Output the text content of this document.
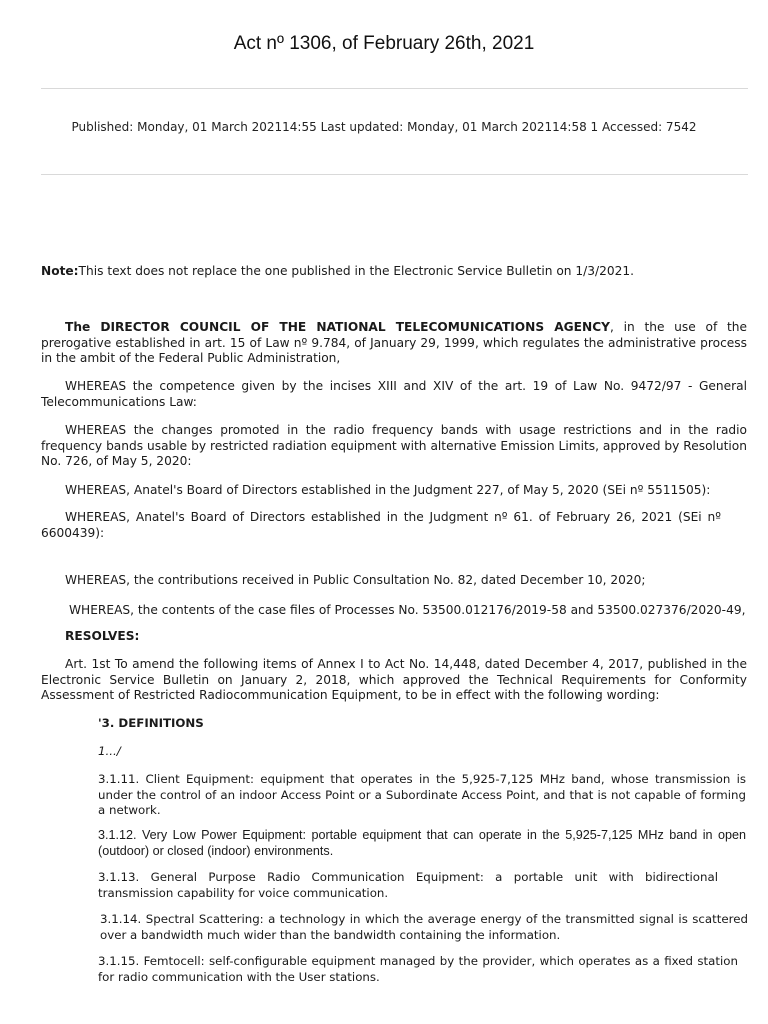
Act nº 1306, of February 26th, 2021
Published: Monday, 01 March 202114:55 Last updated: Monday, 01 March 202114:58 1 Accessed: 7542

Note:This text does not replace the one published in the Electronic Service Bulletin on 1/3/2021.

The DIRECTOR COUNCIL OF THE NATIONAL TELECOMUNICATIONS AGENCY, in the use of the prerogative established in art. 15 of Law nº 9.784, of January 29, 1999, which regulates the administrative process in the ambit of the Federal Public Administration,

WHEREAS the competence given by the incises XIII and XIV of the art. 19 of Law No. 9472/97 - General Telecommunications Law:

WHEREAS the changes promoted in the radio frequency bands with usage restrictions and in the radio frequency bands usable by restricted radiation equipment with alternative Emission Limits, approved by Resolution No. 726, of May 5, 2020:

WHEREAS, Anatel's Board of Directors established in the Judgment 227, of May 5, 2020 (SEi nº 5511505):

WHEREAS, Anatel's Board of Directors established in the Judgment nº 61. of February 26, 2021 (SEi nº 6600439):

WHEREAS, the contributions received in Public Consultation No. 82, dated December 10, 2020;

WHEREAS, the contents of the case files of Processes No. 53500.012176/2019-58 and 53500.027376/2020-49,

RESOLVES:

Art. 1st To amend the following items of Annex I to Act No. 14,448, dated December 4, 2017, published in the Electronic Service Bulletin on January 2, 2018, which approved the Technical Requirements for Conformity Assessment of Restricted Radiocommunication Equipment, to be in effect with the following wording:

'3. DEFINITIONS

1.../

3.1.11. Client Equipment: equipment that operates in the 5,925-7,125 MHz band, whose transmission is under the control of an indoor Access Point or a Subordinate Access Point, and that is not capable of forming a network.

3.1.12. Very Low Power Equipment: portable equipment that can operate in the 5,925-7,125 MHz band in open (outdoor) or closed (indoor) environments.

3.1.13. General Purpose Radio Communication Equipment: a portable unit with bidirectional transmission capability for voice communication.

3.1.14. Spectral Scattering: a technology in which the average energy of the transmitted signal is scattered over a bandwidth much wider than the bandwidth containing the information.

3.1.15. Femtocell: self-configurable equipment managed by the provider, which operates as a fixed station for radio communication with the User stations.
